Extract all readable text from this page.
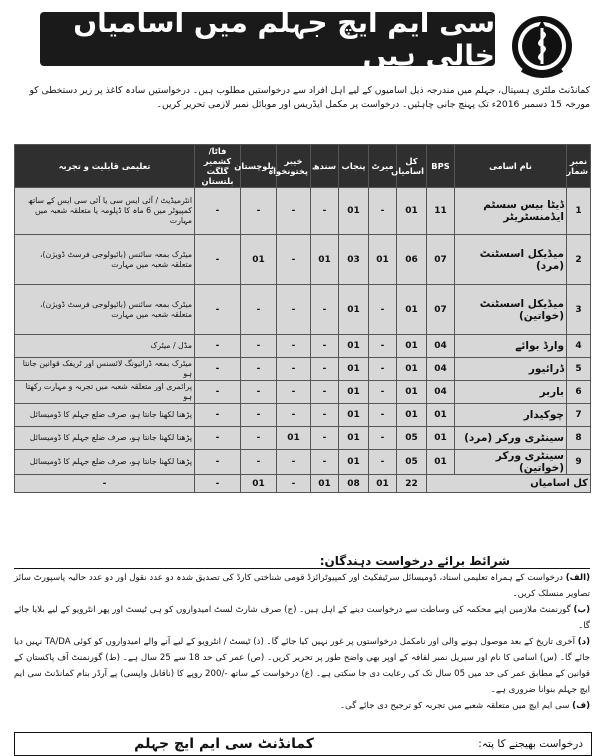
سی ایم ایچ جہلم میں اسامیاں خالی ہیں

کمانڈنٹ ملٹری ہسپتال، جہلم میں مندرجہ ذیل اسامیوں کے لیے اہل افراد سے درخواستیں مطلوب ہیں۔ درخواستیں سادہ کاغذ پر زیر دستخطی کو

مورخہ 15 دسمبر 2016ء تک پہنچ جانی چاہئیں۔ درخواست پر مکمل ایڈریس اور موبائل نمبر لازمی تحریر کریں۔

نمبر شمار	نام اسامی	BPS	کل اسامیاں	میرٹ	پنجاب	سندھ	خیبر پختونخواہ	بلوچستان	فاٹا/کشمیر گلگت بلتستان	تعلیمی قابلیت و تجربہ
1	ڈیٹا بیس سسٹم ایڈمنسٹریٹر	11	01	-	01	-	-	-	-	انٹرمیڈیٹ / آئی ایس سی یا آئی سی ایس کے ساتھ کمپیوٹر میں 6 ماہ کا ڈپلومہ یا متعلقہ شعبہ میں مہارت
2	میڈیکل اسسٹنٹ (مرد)	07	06	01	03	01	-	01	-	میٹرک بمعہ سائنس (بائیولوجی فرسٹ ڈویژن)، متعلقہ شعبہ میں مہارت
3	میڈیکل اسسٹنٹ (خواتین)	07	01	-	01	-	-	-	-	میٹرک بمعہ سائنس (بائیولوجی فرسٹ ڈویژن)، متعلقہ شعبہ میں مہارت
4	وارڈ بوائے	04	01	-	01	-	-	-	-	مڈل / میٹرک
5	ڈرائیور	04	01	-	01	-	-	-	-	میٹرک بمعہ ڈرائیونگ لائسنس اور ٹریفک قوانین جانتا ہو
6	باربر	04	01	-	01	-	-	-	-	پرائمری اور متعلقہ شعبہ میں تجربہ و مہارت رکھتا ہو
7	چوکیدار	01	01	-	01	-	-	-	-	پڑھنا لکھنا جانتا ہو، صرف ضلع جہلم کا ڈومیسائل
8	سینٹری ورکر (مرد)	01	05	-	01	-	01	-	-	پڑھنا لکھنا جانتا ہو، صرف ضلع جہلم کا ڈومیسائل
9	سینٹری ورکر (خواتین)	01	05	-	01	-	-	-	-	پڑھنا لکھنا جانتا ہو، صرف ضلع جہلم کا ڈومیسائل
کل اسامیاں			22	01	08	01	-	01	-	-
شرائط برائے درخواست دہندگان:

(الف) درخواست کے ہمراہ تعلیمی اسناد، ڈومیسائل سرٹیفکیٹ اور کمپیوٹرائزڈ قومی شناختی کارڈ کی تصدیق شدہ دو عدد نقول اور دو عدد حالیہ پاسپورٹ سائز تصاویر منسلک کریں۔

(ب) گورنمنٹ ملازمین اپنے محکمہ کی وساطت سے درخواست دینے کے اہل ہیں۔ (ج) صرف شارٹ لسٹ امیدواروں کو ہی ٹیسٹ اور پھر انٹرویو کے لیے بلایا جائے گا۔

(د) آخری تاریخ کے بعد موصول ہونے والی اور نامکمل درخواستوں پر غور نہیں کیا جائے گا۔ (ذ) ٹیسٹ / انٹرویو کے لیے آنے والے امیدواروں کو کوئی TA/DA نہیں دیا جائے گا۔ (س) اسامی کا نام اور سیریل نمبر لفافہ کے اوپر بھی واضح طور پر تحریر کریں۔ (ص) عمر کی حد 18 سے 25 سال ہے۔ (ط) گورنمنٹ آف پاکستان کے قوانین کے مطابق عمر کی حد میں 05 سال تک کی رعایت دی جا سکتی ہے۔ (ع) درخواست کے ساتھ -/200 روپے کا (ناقابل واپسی) پے آرڈر بنام کمانڈنٹ سی ایم ایچ جہلم بنوانا ضروری ہے۔

(ف) سی ایم ایچ میں متعلقہ شعبے میں تجربہ کو ترجیح دی جائے گی۔

درخواست بھیجنے کا پتہ:
کمانڈنٹ سی ایم ایچ جہلم
